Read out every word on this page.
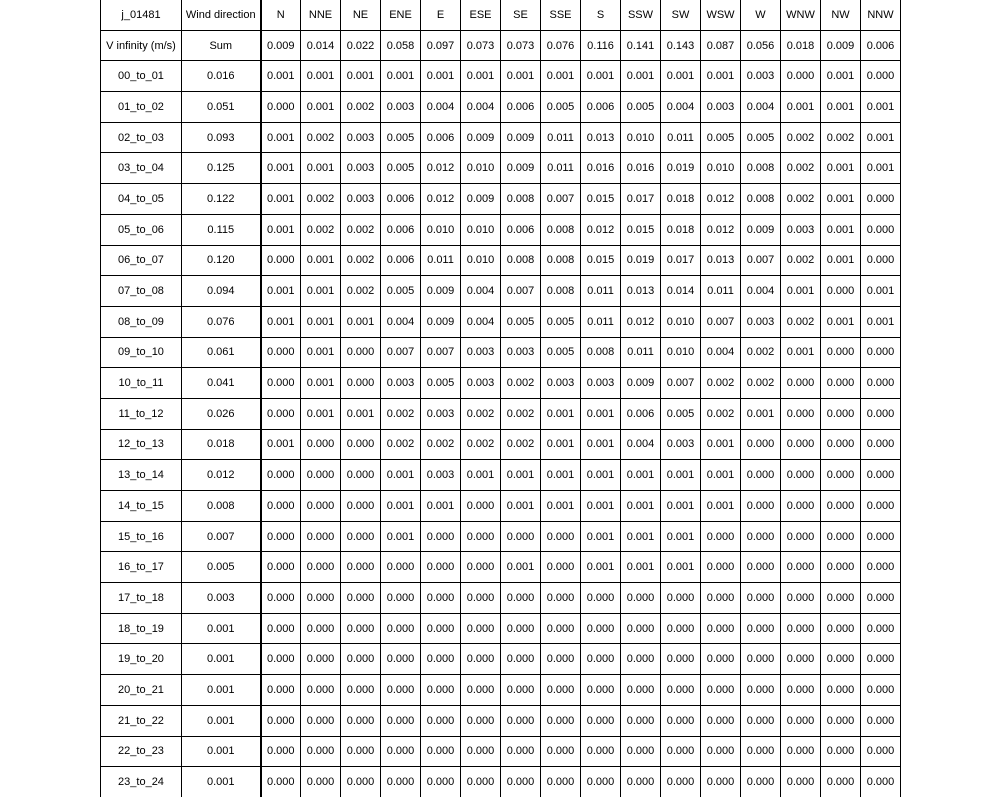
j_01481	Wind direction	N	NNE	NE	ENE	E	ESE	SE	SSE	S	SSW	SW	WSW	W	WNW	NW	NNW
V infinity (m/s)	Sum	0.009	0.014	0.022	0.058	0.097	0.073	0.073	0.076	0.116	0.141	0.143	0.087	0.056	0.018	0.009	0.006
00_to_01	0.016	0.001	0.001	0.001	0.001	0.001	0.001	0.001	0.001	0.001	0.001	0.001	0.001	0.003	0.000	0.001	0.000
01_to_02	0.051	0.000	0.001	0.002	0.003	0.004	0.004	0.006	0.005	0.006	0.005	0.004	0.003	0.004	0.001	0.001	0.001
02_to_03	0.093	0.001	0.002	0.003	0.005	0.006	0.009	0.009	0.011	0.013	0.010	0.011	0.005	0.005	0.002	0.002	0.001
03_to_04	0.125	0.001	0.001	0.003	0.005	0.012	0.010	0.009	0.011	0.016	0.016	0.019	0.010	0.008	0.002	0.001	0.001
04_to_05	0.122	0.001	0.002	0.003	0.006	0.012	0.009	0.008	0.007	0.015	0.017	0.018	0.012	0.008	0.002	0.001	0.000
05_to_06	0.115	0.001	0.002	0.002	0.006	0.010	0.010	0.006	0.008	0.012	0.015	0.018	0.012	0.009	0.003	0.001	0.000
06_to_07	0.120	0.000	0.001	0.002	0.006	0.011	0.010	0.008	0.008	0.015	0.019	0.017	0.013	0.007	0.002	0.001	0.000
07_to_08	0.094	0.001	0.001	0.002	0.005	0.009	0.004	0.007	0.008	0.011	0.013	0.014	0.011	0.004	0.001	0.000	0.001
08_to_09	0.076	0.001	0.001	0.001	0.004	0.009	0.004	0.005	0.005	0.011	0.012	0.010	0.007	0.003	0.002	0.001	0.001
09_to_10	0.061	0.000	0.001	0.000	0.007	0.007	0.003	0.003	0.005	0.008	0.011	0.010	0.004	0.002	0.001	0.000	0.000
10_to_11	0.041	0.000	0.001	0.000	0.003	0.005	0.003	0.002	0.003	0.003	0.009	0.007	0.002	0.002	0.000	0.000	0.000
11_to_12	0.026	0.000	0.001	0.001	0.002	0.003	0.002	0.002	0.001	0.001	0.006	0.005	0.002	0.001	0.000	0.000	0.000
12_to_13	0.018	0.001	0.000	0.000	0.002	0.002	0.002	0.002	0.001	0.001	0.004	0.003	0.001	0.000	0.000	0.000	0.000
13_to_14	0.012	0.000	0.000	0.000	0.001	0.003	0.001	0.001	0.001	0.001	0.001	0.001	0.001	0.000	0.000	0.000	0.000
14_to_15	0.008	0.000	0.000	0.000	0.001	0.001	0.000	0.001	0.001	0.001	0.001	0.001	0.001	0.000	0.000	0.000	0.000
15_to_16	0.007	0.000	0.000	0.000	0.001	0.000	0.000	0.000	0.000	0.001	0.001	0.001	0.000	0.000	0.000	0.000	0.000
16_to_17	0.005	0.000	0.000	0.000	0.000	0.000	0.000	0.001	0.000	0.001	0.001	0.001	0.000	0.000	0.000	0.000	0.000
17_to_18	0.003	0.000	0.000	0.000	0.000	0.000	0.000	0.000	0.000	0.000	0.000	0.000	0.000	0.000	0.000	0.000	0.000
18_to_19	0.001	0.000	0.000	0.000	0.000	0.000	0.000	0.000	0.000	0.000	0.000	0.000	0.000	0.000	0.000	0.000	0.000
19_to_20	0.001	0.000	0.000	0.000	0.000	0.000	0.000	0.000	0.000	0.000	0.000	0.000	0.000	0.000	0.000	0.000	0.000
20_to_21	0.001	0.000	0.000	0.000	0.000	0.000	0.000	0.000	0.000	0.000	0.000	0.000	0.000	0.000	0.000	0.000	0.000
21_to_22	0.001	0.000	0.000	0.000	0.000	0.000	0.000	0.000	0.000	0.000	0.000	0.000	0.000	0.000	0.000	0.000	0.000
22_to_23	0.001	0.000	0.000	0.000	0.000	0.000	0.000	0.000	0.000	0.000	0.000	0.000	0.000	0.000	0.000	0.000	0.000
23_to_24	0.001	0.000	0.000	0.000	0.000	0.000	0.000	0.000	0.000	0.000	0.000	0.000	0.000	0.000	0.000	0.000	0.000
